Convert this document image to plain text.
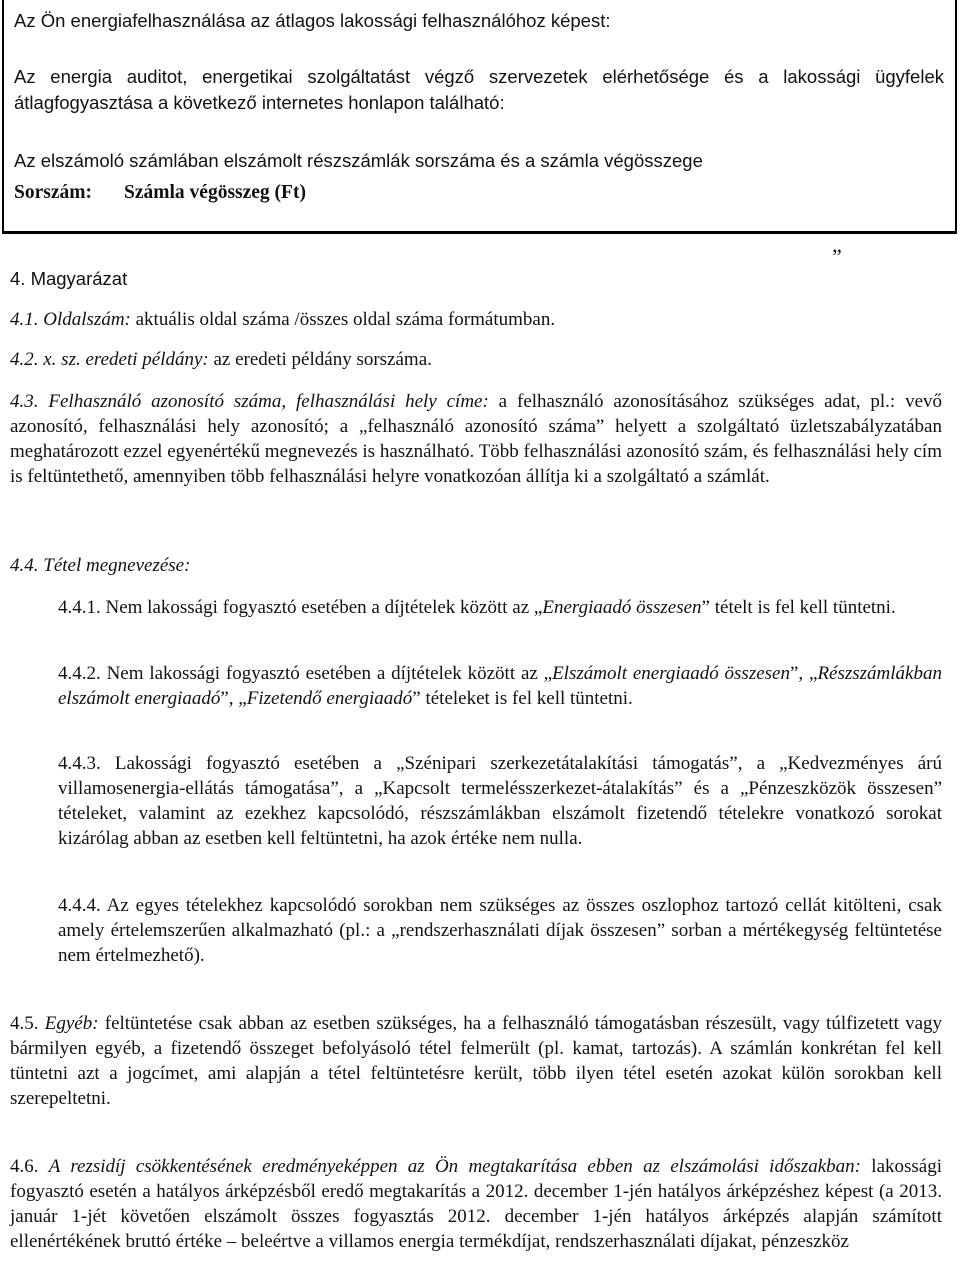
Az Ön energiafelhasználása az átlagos lakossági felhasználóhoz képest:
Az energia auditot, energetikai szolgáltatást végző szervezetek elérhetősége és a lakossági ügyfelek átlagfogyasztása a következő internetes honlapon található:
Az elszámoló számlában elszámolt részszámlák sorszáma és a számla végösszege
Sorszám: Számla végösszeg (Ft)
”
4. Magyarázat
4.1. Oldalszám: aktuális oldal száma /összes oldal száma formátumban.
4.2. x. sz. eredeti példány: az eredeti példány sorszáma.
4.3. Felhasználó azonosító száma, felhasználási hely címe: a felhasználó azonosításához szükséges adat, pl.: vevő azonosító, felhasználási hely azonosító; a „felhasználó azonosító száma” helyett a szolgáltató üzletszabályzatában meghatározott ezzel egyenértékű megnevezés is használható. Több felhasználási azonosító szám, és felhasználási hely cím is feltüntethető, amennyiben több felhasználási helyre vonatkozóan állítja ki a szolgáltató a számlát.
4.4. Tétel megnevezése:
4.4.1. Nem lakossági fogyasztó esetében a díjtételek között az „Energiaadó összesen” tételt is fel kell tüntetni.
4.4.2. Nem lakossági fogyasztó esetében a díjtételek között az „Elszámolt energiaadó összesen”, „Részszámlákban elszámolt energiaadó”, „Fizetendő energiaadó” tételeket is fel kell tüntetni.
4.4.3. Lakossági fogyasztó esetében a „Szénipari szerkezetátalakítási támogatás”, a „Kedvezményes árú villamosenergia-ellátás támogatása”, a „Kapcsolt termelésszerkezet-átalakítás” és a „Pénzeszközök összesen” tételeket, valamint az ezekhez kapcsolódó, részszámlákban elszámolt fizetendő tételekre vonatkozó sorokat kizárólag abban az esetben kell feltüntetni, ha azok értéke nem nulla.
4.4.4. Az egyes tételekhez kapcsolódó sorokban nem szükséges az összes oszlophoz tartozó cellát kitölteni, csak amely értelemszerűen alkalmazható (pl.: a „rendszerhasználati díjak összesen” sorban a mértékegység feltüntetése nem értelmezhető).
4.5. Egyéb: feltüntetése csak abban az esetben szükséges, ha a felhasználó támogatásban részesült, vagy túlfizetett vagy bármilyen egyéb, a fizetendő összeget befolyásoló tétel felmerült (pl. kamat, tartozás). A számlán konkrétan fel kell tüntetni azt a jogcímet, ami alapján a tétel feltüntetésre került, több ilyen tétel esetén azokat külön sorokban kell szerepeltetni.
4.6. A rezsidíj csökkentésének eredményeképpen az Ön megtakarítása ebben az elszámolási időszakban: lakossági fogyasztó esetén a hatályos árképzésből eredő megtakarítás a 2012. december 1-jén hatályos árképzéshez képest (a 2013. január 1-jét követően elszámolt összes fogyasztás 2012. december 1-jén hatályos árképzés alapján számított ellenértékének bruttó értéke – beleértve a villamos energia termékdíjat, rendszerhasználati díjakat, pénzeszköz
